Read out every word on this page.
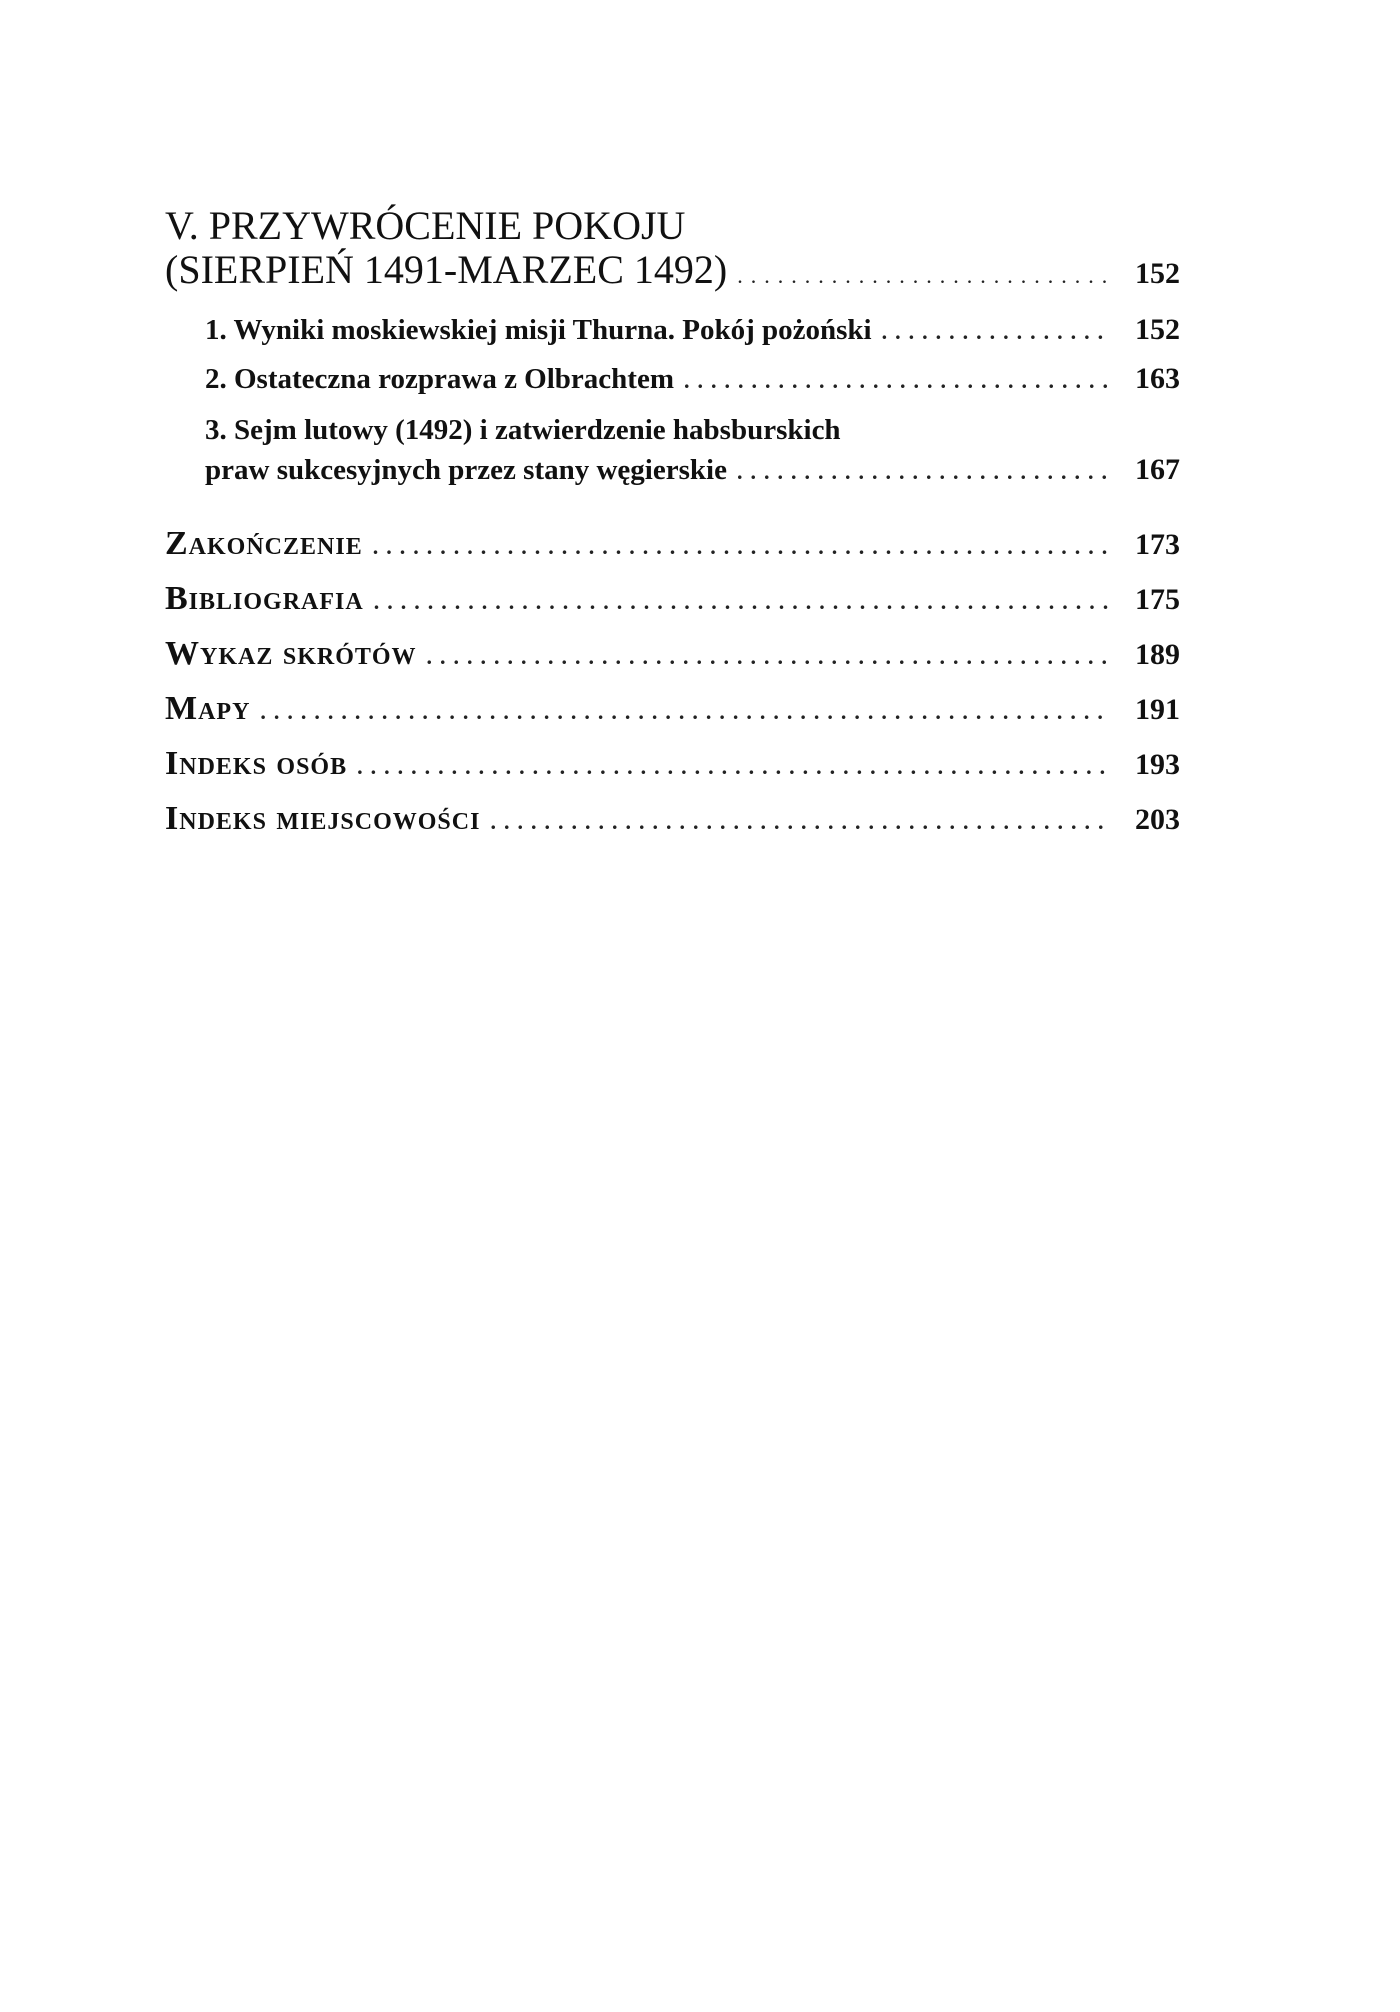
V. PRZYWRÓCENIE POKOJU
(SIERPIEŃ 1491-MARZEC 1492) .....	152
1. Wyniki moskiewskiej misji Thurna. Pokój pożoński .....	152
2. Ostateczna rozprawa z Olbrachtem .....	163
3. Sejm lutowy (1492) i zatwierdzenie habsburskich
praw sukcesyjnych przez stany węgierskie .....	167
Zakończenie .....	173
Bibliografia .....	175
Wykaz skrótów .....	189
Mapy .....	191
Indeks osób .....	193
Indeks miejscowości .....	203
